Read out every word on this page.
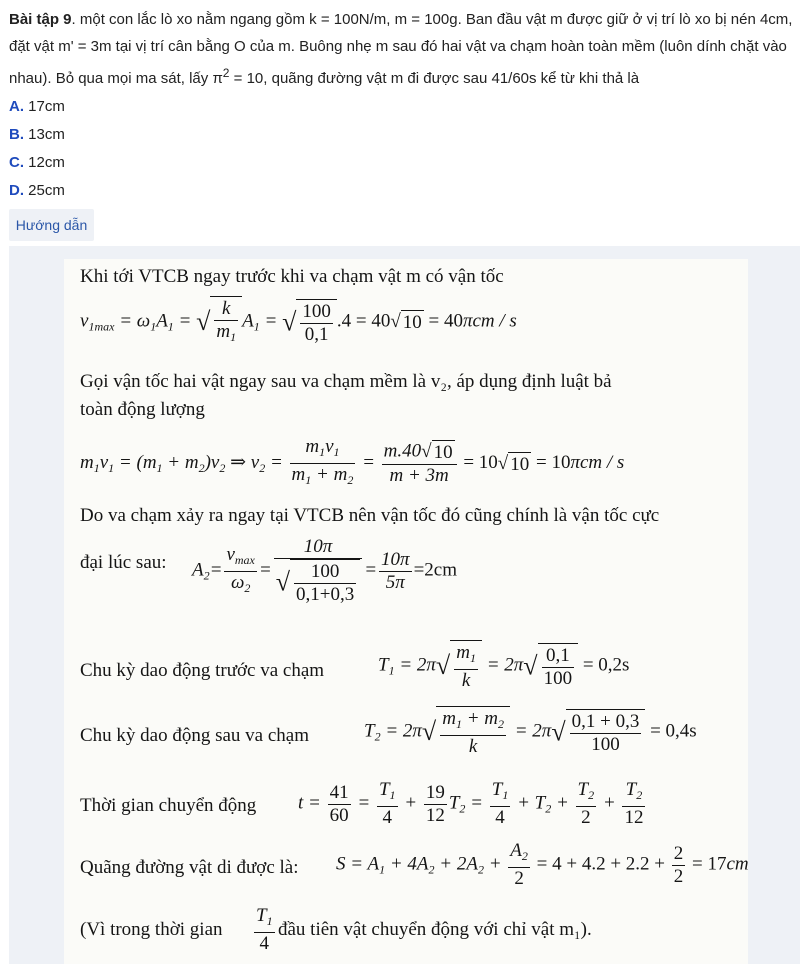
Bài tập 9. một con lắc lò xo nằm ngang gồm k = 100N/m, m = 100g. Ban đầu vật m được giữ ở vị trí lò xo bị nén 4cm, đặt vật m' = 3m tại vị trí cân bằng O của m. Buông nhẹ m sau đó hai vật va chạm hoàn toàn mềm (luôn dính chặt vào nhau). Bỏ qua mọi ma sát, lấy $\pi^2 = 10$, quãng đường vật m đi được sau 41/60s kể từ khi thả là
A. 17cm
B. 13cm
C. 12cm
D. 25cm
Hướng dẫn
Khi tới VTCB ngay trước khi va chạm vật m có vận tốc
$v_{1max} = \omega_1A_1$ = √ $\frac{k}{m_1} A_1$ = √ $\frac{100}{0,1} .4 = 40√$ 10 = 40πcm / s
Gọi vận tốc hai vật ngay sau va chạm mềm là v₂, áp dụng định luật bả
toàn động lượng
$m_1v_1 = (m_1 + m_2)v_2$ ⇒ $v_2 = \frac{m_1v_1}{m_1 + m_2} = \frac{m.40√ 10}{m + 3m} = 10√$ 10 = 10πcm / s
Do va chạm xảy ra ngay tại VTCB nên vận tốc đó cũng chính là vận tốc cực
đại lúc sau: $A_2= \frac{v_{max}}{\omega_2} = \frac{10\pi}{√ \frac{100}{0,1+0,3}} = \frac{10\pi}{5\pi} =2cm$
Chu kỳ dao động trước va chạm	$T_1 = 2\pi√ \frac{m_1}{k} = 2\pi√ \frac{0,1}{100} = 0,2s$
Chu kỳ dao động sau va chạm	$T_2 = 2\pi√ \frac{m_1 + m_2}{k} = 2\pi√ \frac{0,1 + 0,3}{100} = 0,4s$
Thời gian chuyển động $t = \frac{41}{60} = \frac{T_1}{4} + \frac{19}{12} T_2 = \frac{T_1}{4} + T_2 + \frac{T_2}{2} + \frac{T_2}{12}$
Quãng đường vật di được là: $S = A_1 + 4A_2 + 2A_2 + \frac{A_2}{2} = 4 + 4.2 + 2.2 + \frac{2}{2} = 17cm$
(Vì trong thời gian $\frac{T_1}{4}$ đầu tiên vật chuyển động với chỉ vật m₁).
